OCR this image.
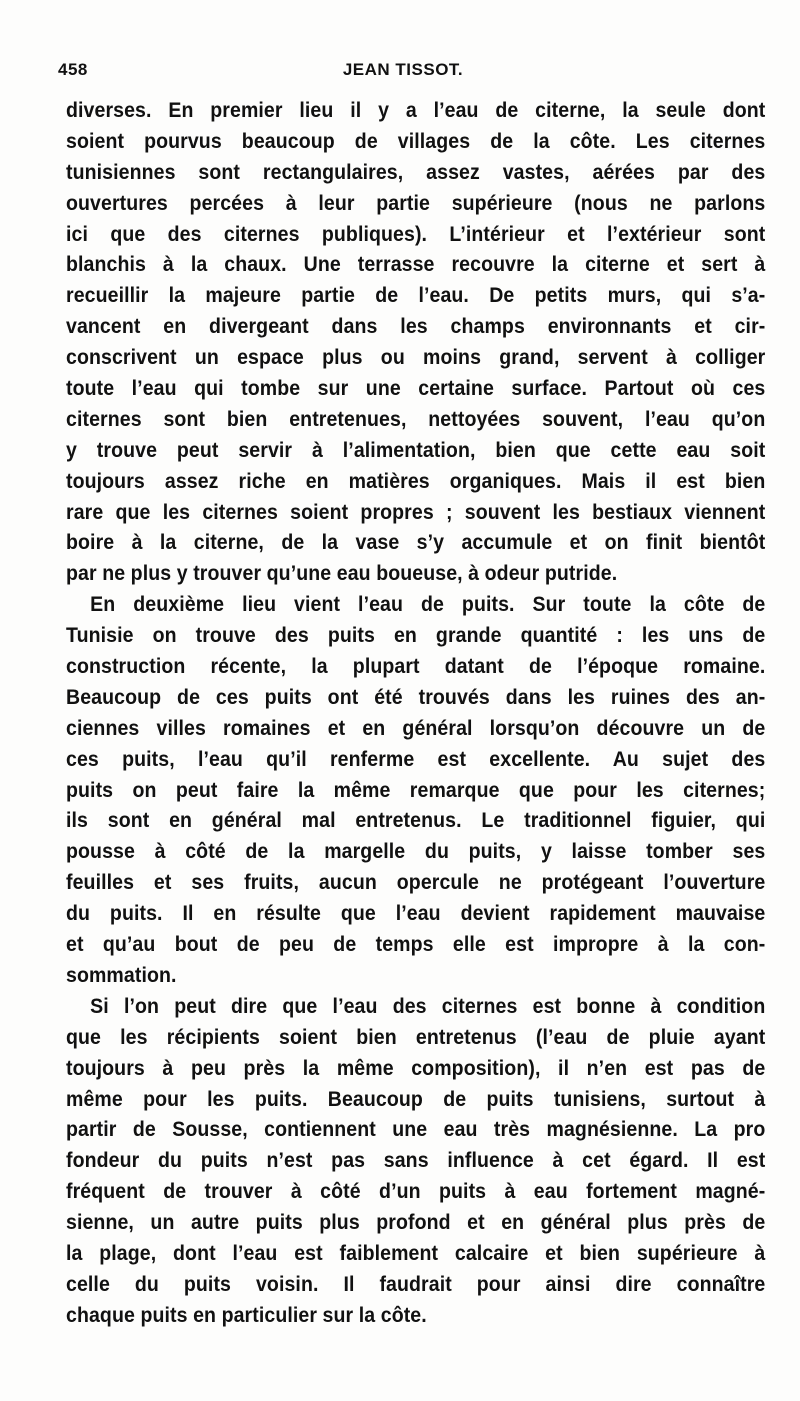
458	JEAN TISSOT.
diverses. En premier lieu il y a l’eau de citerne, la seule dont
soient pourvus beaucoup de villages de la côte. Les citernes
tunisiennes sont rectangulaires, assez vastes, aérées par des
ouvertures percées à leur partie supérieure (nous ne parlons
ici que des citernes publiques). L’intérieur et l’extérieur sont
blanchis à la chaux. Une terrasse recouvre la citerne et sert à
recueillir la majeure partie de l’eau. De petits murs, qui s’a-
vancent en divergeant dans les champs environnants et cir-
conscrivent un espace plus ou moins grand, servent à colliger
toute l’eau qui tombe sur une certaine surface. Partout où ces
citernes sont bien entretenues, nettoyées souvent, l’eau qu’on
y trouve peut servir à l’alimentation, bien que cette eau soit
toujours assez riche en matières organiques. Mais il est bien
rare que les citernes soient propres ; souvent les bestiaux viennent
boire à la citerne, de la vase s’y accumule et on finit bientôt
par ne plus y trouver qu’une eau boueuse, à odeur putride.
En deuxième lieu vient l’eau de puits. Sur toute la côte de
Tunisie on trouve des puits en grande quantité : les uns de
construction récente, la plupart datant de l’époque romaine.
Beaucoup de ces puits ont été trouvés dans les ruines des an-
ciennes villes romaines et en général lorsqu’on découvre un de
ces puits, l’eau qu’il renferme est excellente. Au sujet des
puits on peut faire la même remarque que pour les citernes;
ils sont en général mal entretenus. Le traditionnel figuier, qui
pousse à côté de la margelle du puits, y laisse tomber ses
feuilles et ses fruits, aucun opercule ne protégeant l’ouverture
du puits. Il en résulte que l’eau devient rapidement mauvaise
et qu’au bout de peu de temps elle est impropre à la con-
sommation.
Si l’on peut dire que l’eau des citernes est bonne à condition
que les récipients soient bien entretenus (l’eau de pluie ayant
toujours à peu près la même composition), il n’en est pas de
même pour les puits. Beaucoup de puits tunisiens, surtout à
partir de Sousse, contiennent une eau très magnésienne. La pro
fondeur du puits n’est pas sans influence à cet égard. Il est
fréquent de trouver à côté d’un puits à eau fortement magné-
sienne, un autre puits plus profond et en général plus près de
la plage, dont l’eau est faiblement calcaire et bien supérieure à
celle du puits voisin. Il faudrait pour ainsi dire connaître
chaque puits en particulier sur la côte.
